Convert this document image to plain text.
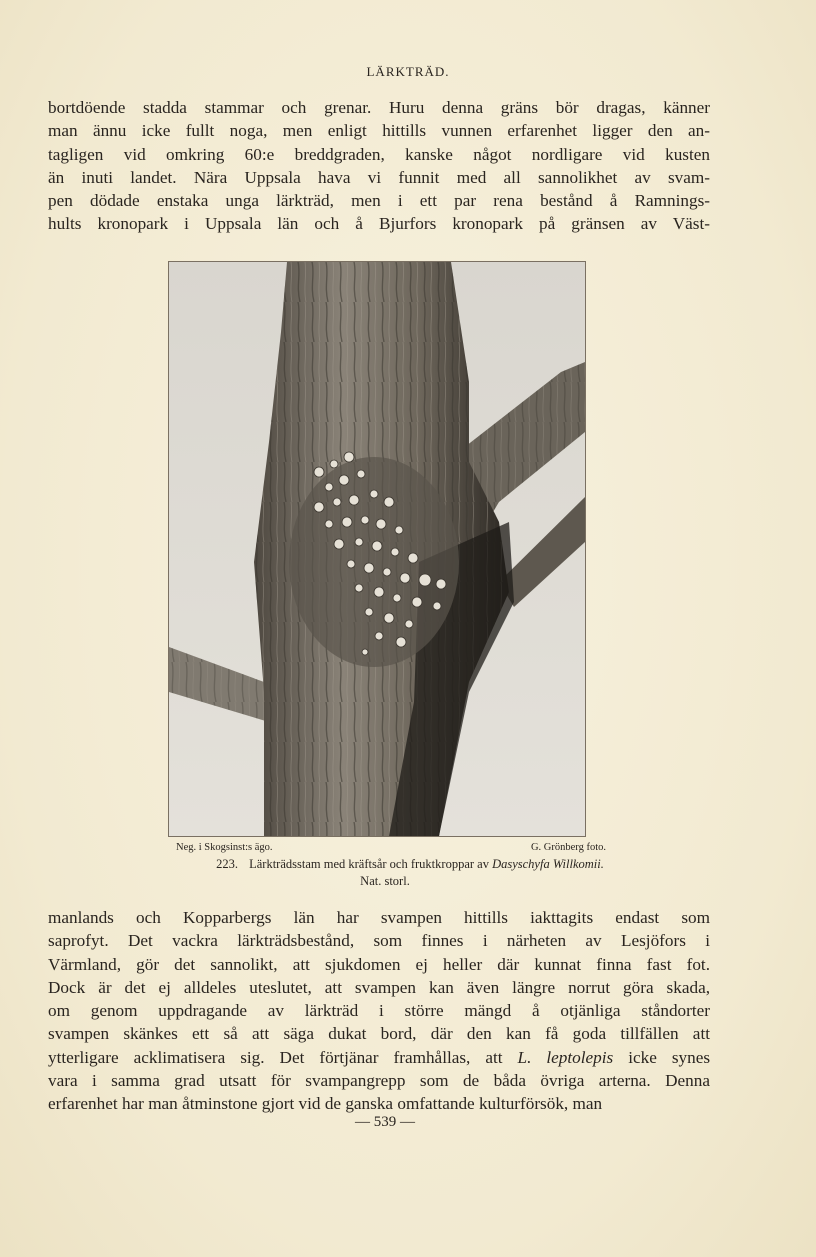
LÄRKTRÄD.

bortdöende stadda stammar och grenar. Huru denna gräns bör dragas, känner
man ännu icke fullt noga, men enligt hittills vunnen erfarenhet ligger den an-
tagligen vid omkring 60:e breddgraden, kanske något nordligare vid kusten
än inuti landet. Nära Uppsala hava vi funnit med all sannolikhet av svam-
pen dödade enstaka unga lärkträd, men i ett par rena bestånd å Ramnings-
hults kronopark i Uppsala län och å Bjurfors kronopark på gränsen av Väst-

Neg. i Skogsinst:s ägo.	G. Grönberg foto.
223. Lärkträdsstam med kräftsår och fruktkroppar av Dasyschyfa Willkomii.
Nat. storl.

manlands och Kopparbergs län har svampen hittills iakttagits endast som
saprofyt. Det vackra lärkträdsbestånd, som finnes i närheten av Lesjöfors i
Värmland, gör det sannolikt, att sjukdomen ej heller där kunnat finna fast fot.
Dock är det ej alldeles uteslutet, att svampen kan även längre norrut göra skada,
om genom uppdragande av lärkträd i större mängd å otjänliga ståndorter
svampen skänkes ett så att säga dukat bord, där den kan få goda tillfällen att
ytterligare acklimatisera sig. Det förtjänar framhållas, att L. leptolepis icke synes
vara i samma grad utsatt för svampangrepp som de båda övriga arterna. Denna
erfarenhet har man åtminstone gjort vid de ganska omfattande kulturförsök, man

— 539 —
